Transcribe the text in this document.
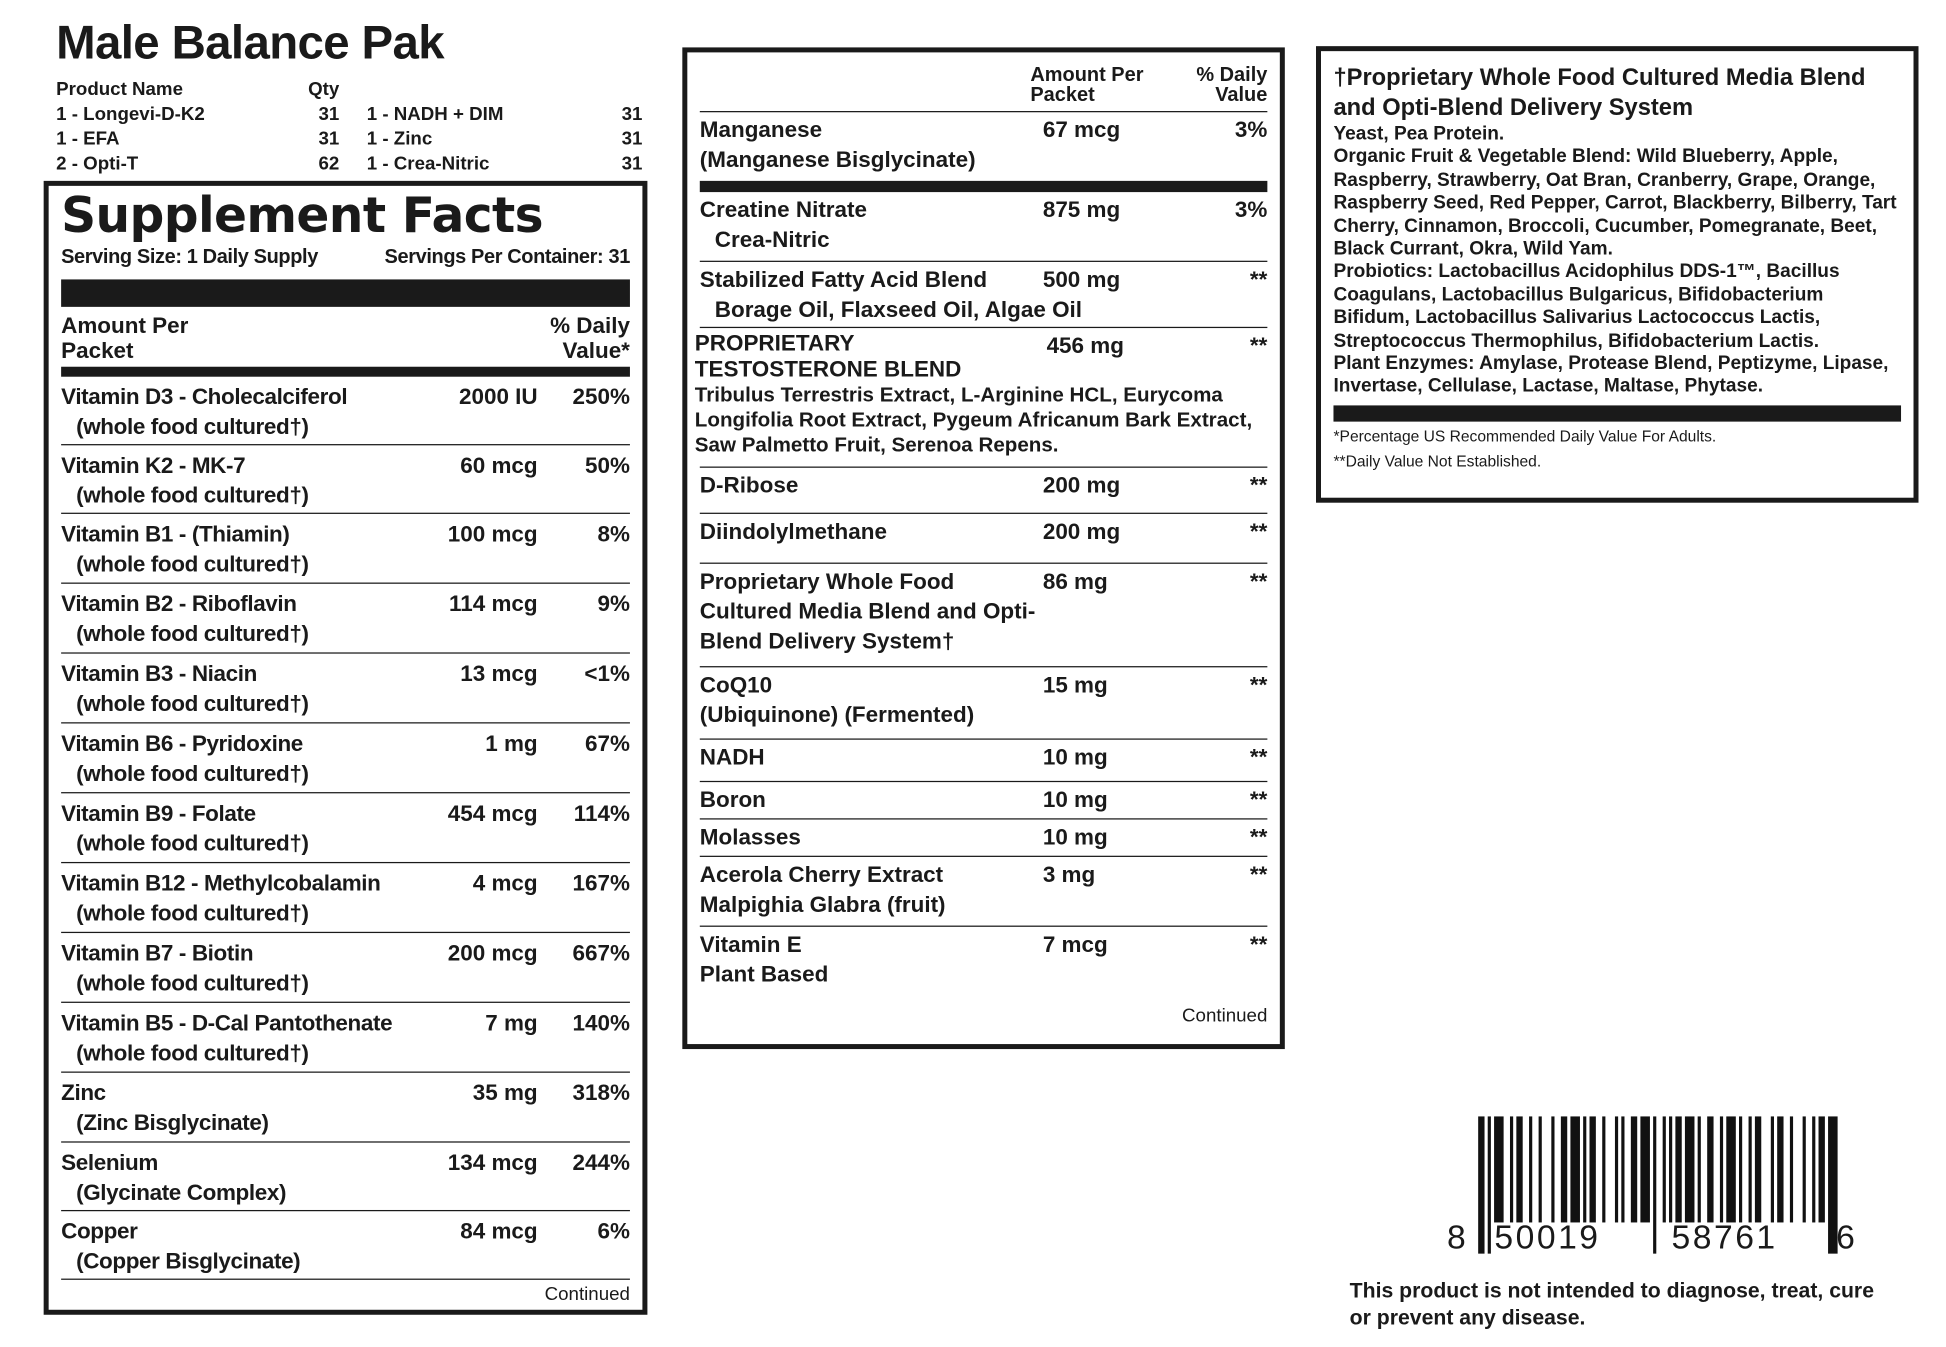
Male Balance Pak
Product Name	Qty
1 - Longevi-D-K2	31	1 - NADH + DIM	31
1 - EFA	31	1 - Zinc	31
2 - Opti-T	62	1 - Crea-Nitric	31
Supplement Facts
Serving Size: 1 Daily Supply	Servings Per Container: 31
Amount Per
Packet
% Daily
Value*
Vitamin D3 - Cholecalciferol
(whole food cultured†)
2000 IU	250%
Vitamin K2 - MK-7
(whole food cultured†)
60 mcg	50%
Vitamin B1 - (Thiamin)
(whole food cultured†)
100 mcg	8%
Vitamin B2 - Riboflavin
(whole food cultured†)
114 mcg	9%
Vitamin B3 - Niacin
(whole food cultured†)
13 mcg	<1%
Vitamin B6 - Pyridoxine
(whole food cultured†)
1 mg	67%
Vitamin B9 - Folate
(whole food cultured†)
454 mcg	114%
Vitamin B12 - Methylcobalamin
(whole food cultured†)
4 mcg	167%
Vitamin B7 - Biotin
(whole food cultured†)
200 mcg	667%
Vitamin B5 - D-Cal Pantothenate
(whole food cultured†)
7 mg	140%
Zinc
(Zinc Bisglycinate)
35 mg	318%
Selenium
(Glycinate Complex)
134 mcg	244%
Copper
(Copper Bisglycinate)
84 mcg	6%
Continued
Amount Per
Packet
% Daily
Value
Manganese
(Manganese Bisglycinate)
67 mcg	3%
Creatine Nitrate
Crea-Nitric
875 mg	3%
Stabilized Fatty Acid Blend
Borage Oil, Flaxseed Oil, Algae Oil
500 mg	**
PROPRIETARY TESTOSTERONE BLEND
Tribulus Terrestris Extract, L-Arginine HCL, Eurycoma Longifolia Root Extract, Pygeum Africanum Bark Extract, Saw Palmetto Fruit, Serenoa Repens.
456 mg	**
D-Ribose	200 mg	**
Diindolylmethane	200 mg	**
Proprietary Whole Food Cultured Media Blend and Opti-Blend Delivery System†
86 mg	**
CoQ10
(Ubiquinone) (Fermented)
15 mg	**
NADH	10 mg	**
Boron	10 mg	**
Molasses	10 mg	**
Acerola Cherry Extract
Malpighia Glabra (fruit)
3 mg	**
Vitamin E
Plant Based
7 mcg	**
Continued
†Proprietary Whole Food Cultured Media Blend and Opti-Blend Delivery System
Yeast, Pea Protein.
Organic Fruit & Vegetable Blend: Wild Blueberry, Apple, Raspberry, Strawberry, Oat Bran, Cranberry, Grape, Orange, Raspberry Seed, Red Pepper, Carrot, Blackberry, Bilberry, Tart Cherry, Cinnamon, Broccoli, Cucumber, Pomegranate, Beet, Black Currant, Okra, Wild Yam.
Probiotics: Lactobacillus Acidophilus DDS-1™, Bacillus Coagulans, Lactobacillus Bulgaricus, Bifidobacterium Bifidum, Lactobacillus Salivarius Lactococcus Lactis, Streptococcus Thermophilus, Bifidobacterium Lactis.
Plant Enzymes: Amylase, Protease Blend, Peptizyme, Lipase, Invertase, Cellulase, Lactase, Maltase, Phytase.
*Percentage US Recommended Daily Value For Adults.
**Daily Value Not Established.
8 50019	58761 6
This product is not intended to diagnose, treat, cure or prevent any disease.
